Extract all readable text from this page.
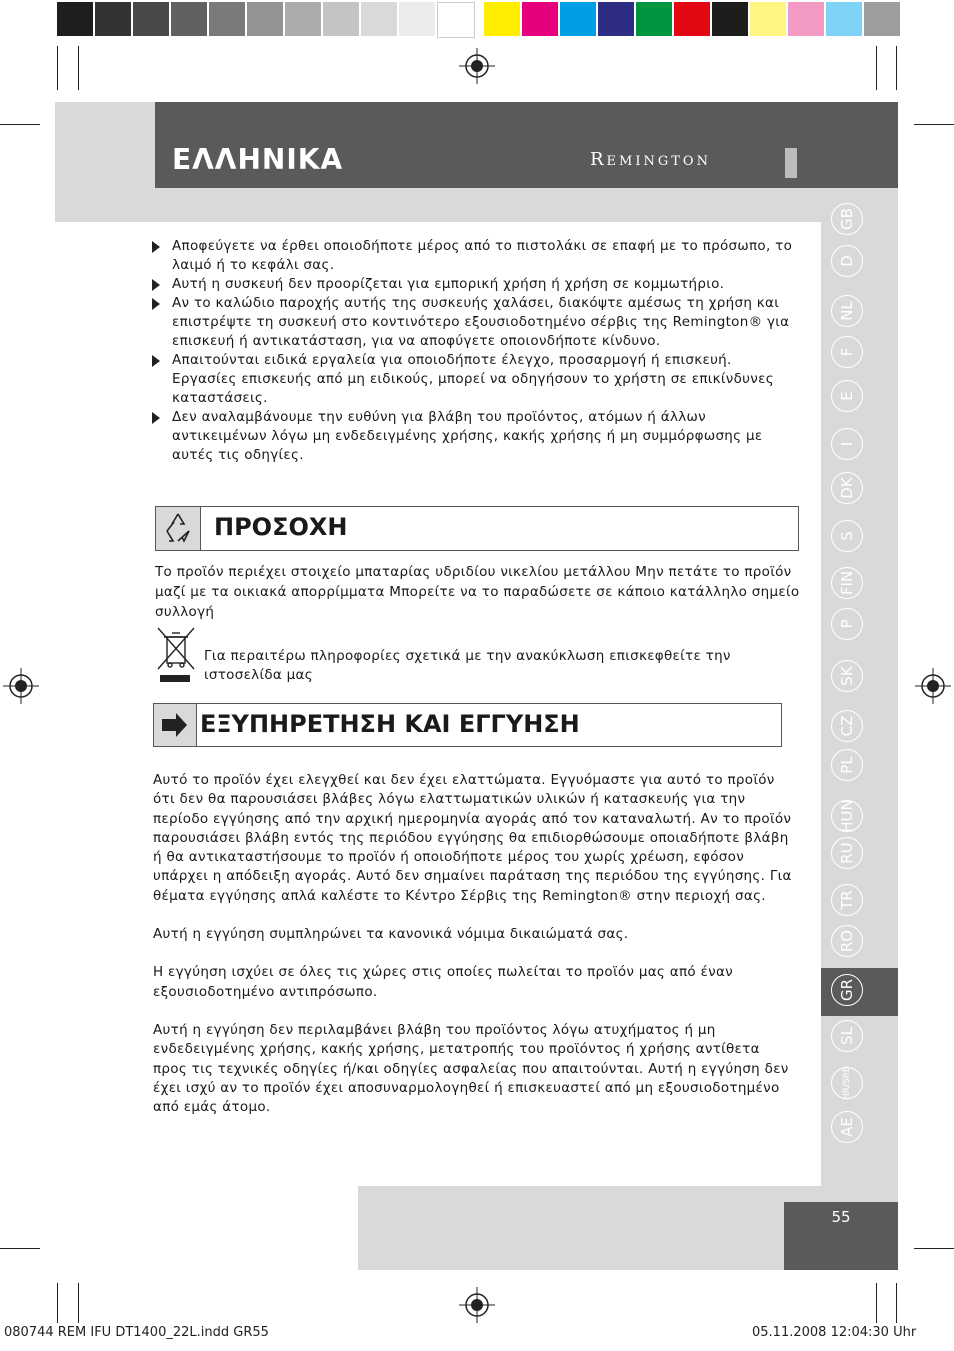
ΕΛΛΗΝΙΚΑ	Remington
GB
D
NL
F
E
I
DK
S
FIN
P
SK
CZ
PL
HUN
RU
TR
RO
GR
SL
HR/SRB
AE
Αποφεύγετε να έρθει οποιοδήποτε μέρος από το πιστολάκι σε επαφή με το πρόσωπο, το λαιμό ή το κεφάλι σας.
Αυτή η συσκευή δεν προορίζεται για εμπορική χρήση ή χρήση σε κομμωτήριο.
Αν το καλώδιο παροχής αυτής της συσκευής χαλάσει, διακόψτε αμέσως τη χρήση και επιστρέψτε τη συσκευή στο κοντινότερο εξουσιοδοτημένο σέρβις της Remington® για επισκευή ή αντικατάσταση, για να αποφύγετε οποιονδήποτε κίνδυνο.
Απαιτούνται ειδικά εργαλεία για οποιοδήποτε έλεγχο, προσαρμογή ή επισκευή. Εργασίες επισκευής από μη ειδικούς, μπορεί να οδηγήσουν το χρήστη σε επικίνδυνες καταστάσεις.
Δεν αναλαμβάνουμε την ευθύνη για βλάβη του προϊόντος, ατόμων ή άλλων αντικειμένων λόγω μη ενδεδειγμένης χρήσης, κακής χρήσης ή μη συμμόρφωσης με αυτές τις οδηγίες.
ΠΡΟΣΟΧΗ
Το προϊόν περιέχει στοιχείο μπαταρίας υδριδίου νικελίου μετάλλου Μην πετάτε το προϊόν μαζί με τα οικιακά απορρίμματα Μπορείτε να το παραδώσετε σε κάποιο κατάλληλο σημείο συλλογή
Για περαιτέρω πληροφορίες σχετικά με την ανακύκλωση επισκεφθείτε την ιστοσελίδα μας
ΕΞΥΠΗΡΕΤΗΣΗ ΚΑΙ ΕΓΓΥΗΣΗ
Αυτό το προϊόν έχει ελεγχθεί και δεν έχει ελαττώματα. Εγγυόμαστε για αυτό το προϊόν ότι δεν θα παρουσιάσει βλάβες λόγω ελαττωματικών υλικών ή κατασκευής για την περίοδο εγγύησης από την αρχική ημερομηνία αγοράς από τον καταναλωτή. Αν το προϊόν παρουσιάσει βλάβη εντός της περιόδου εγγύησης θα επιδιορθώσουμε οποιαδήποτε βλάβη ή θα αντικαταστήσουμε το προϊόν ή οποιοδήποτε μέρος του χωρίς χρέωση, εφόσον υπάρχει η απόδειξη αγοράς. Αυτό δεν σημαίνει παράταση της περιόδου της εγγύησης. Για θέματα εγγύησης απλά καλέστε το Κέντρο Σέρβις της Remington® στην περιοχή σας.
Αυτή η εγγύηση συμπληρώνει τα κανονικά νόμιμα δικαιώματά σας.
Η εγγύηση ισχύει σε όλες τις χώρες στις οποίες πωλείται το προϊόν μας από έναν εξουσιοδοτημένο αντιπρόσωπο.
Αυτή η εγγύηση δεν περιλαμβάνει βλάβη του προϊόντος λόγω ατυχήματος ή μη ενδεδειγμένης χρήσης, κακής χρήσης, μετατροπής του προϊόντος ή χρήσης αντίθετα προς τις τεχνικές οδηγίες ή/και οδηγίες ασφαλείας που απαιτούνται. Αυτή η εγγύηση δεν έχει ισχύ αν το προϊόν έχει αποσυναρμολογηθεί ή επισκευαστεί από μη εξουσιοδοτημένο από εμάς άτομο.
55
080744 REM IFU DT1400_22L.indd GR55	05.11.2008 12:04:30 Uhr
